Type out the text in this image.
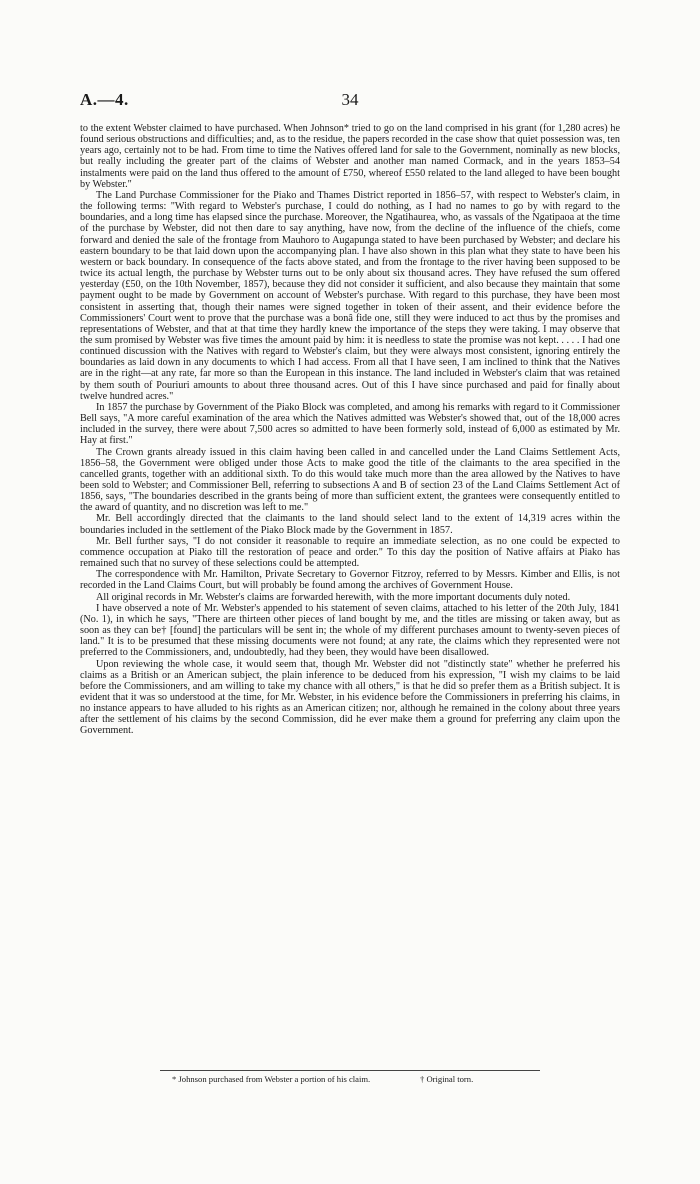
A.—4.	34

to the extent Webster claimed to have purchased. When Johnson* tried to go on the land comprised in his grant (for 1,280 acres) he found serious obstructions and difficulties; and, as to the residue, the papers recorded in the case show that quiet possession was, ten years ago, certainly not to be had. From time to time the Natives offered land for sale to the Government, nominally as new blocks, but really including the greater part of the claims of Webster and another man named Cormack, and in the years 1853–54 instalments were paid on the land thus offered to the amount of £750, whereof £550 related to the land alleged to have been bought by Webster."

The Land Purchase Commissioner for the Piako and Thames District reported in 1856–57, with respect to Webster's claim, in the following terms: "With regard to Webster's purchase, I could do nothing, as I had no names to go by with regard to the boundaries, and a long time has elapsed since the purchase. Moreover, the Ngatihaurea, who, as vassals of the Ngatipaoa at the time of the purchase by Webster, did not then dare to say anything, have now, from the decline of the influence of the chiefs, come forward and denied the sale of the frontage from Mauhoro to Augapunga stated to have been purchased by Webster; and declare his eastern boundary to be that laid down upon the accompanying plan. I have also shown in this plan what they state to have been his western or back boundary. In consequence of the facts above stated, and from the frontage to the river having been supposed to be twice its actual length, the purchase by Webster turns out to be only about six thousand acres. They have refused the sum offered yesterday (£50, on the 10th November, 1857), because they did not consider it sufficient, and also because they maintain that some payment ought to be made by Government on account of Webster's purchase. With regard to this purchase, they have been most consistent in asserting that, though their names were signed together in token of their assent, and their evidence before the Commissioners' Court went to prove that the purchase was a bonâ fide one, still they were induced to act thus by the promises and representations of Webster, and that at that time they hardly knew the importance of the steps they were taking. I may observe that the sum promised by Webster was five times the amount paid by him: it is needless to state the promise was not kept. . . . . I had one continued discussion with the Natives with regard to Webster's claim, but they were always most consistent, ignoring entirely the boundaries as laid down in any documents to which I had access. From all that I have seen, I am inclined to think that the Natives are in the right—at any rate, far more so than the European in this instance. The land included in Webster's claim that was retained by them south of Pouriuri amounts to about three thousand acres. Out of this I have since purchased and paid for finally about twelve hundred acres."

In 1857 the purchase by Government of the Piako Block was completed, and among his remarks with regard to it Commissioner Bell says, "A more careful examination of the area which the Natives admitted was Webster's showed that, out of the 18,000 acres included in the survey, there were about 7,500 acres so admitted to have been formerly sold, instead of 6,000 as estimated by Mr. Hay at first."

The Crown grants already issued in this claim having been called in and cancelled under the Land Claims Settlement Acts, 1856–58, the Government were obliged under those Acts to make good the title of the claimants to the area specified in the cancelled grants, together with an additional sixth. To do this would take much more than the area allowed by the Natives to have been sold to Webster; and Commissioner Bell, referring to subsections A and B of section 23 of the Land Claims Settlement Act of 1856, says, "The boundaries described in the grants being of more than sufficient extent, the grantees were consequently entitled to the award of quantity, and no discretion was left to me."

Mr. Bell accordingly directed that the claimants to the land should select land to the extent of 14,319 acres within the boundaries included in the settlement of the Piako Block made by the Government in 1857.

Mr. Bell further says, "I do not consider it reasonable to require an immediate selection, as no one could be expected to commence occupation at Piako till the restoration of peace and order." To this day the position of Native affairs at Piako has remained such that no survey of these selections could be attempted.

The correspondence with Mr. Hamilton, Private Secretary to Governor Fitzroy, referred to by Messrs. Kimber and Ellis, is not recorded in the Land Claims Court, but will probably be found among the archives of Government House.

All original records in Mr. Webster's claims are forwarded herewith, with the more important documents duly noted.

I have observed a note of Mr. Webster's appended to his statement of seven claims, attached to his letter of the 20th July, 1841 (No. 1), in which he says, "There are thirteen other pieces of land bought by me, and the titles are missing or taken away, but as soon as they can be† [found] the particulars will be sent in; the whole of my different purchases amount to twenty-seven pieces of land." It is to be presumed that these missing documents were not found; at any rate, the claims which they represented were not preferred to the Commissioners, and, undoubtedly, had they been, they would have been disallowed.

Upon reviewing the whole case, it would seem that, though Mr. Webster did not "distinctly state" whether he preferred his claims as a British or an American subject, the plain inference to be deduced from his expression, "I wish my claims to be laid before the Commissioners, and am willing to take my chance with all others," is that he did so prefer them as a British subject. It is evident that it was so understood at the time, for Mr. Webster, in his evidence before the Commissioners in preferring his claims, in no instance appears to have alluded to his rights as an American citizen; nor, although he remained in the colony about three years after the settlement of his claims by the second Commission, did he ever make them a ground for preferring any claim upon the Government.

* Johnson purchased from Webster a portion of his claim.	† Original torn.
